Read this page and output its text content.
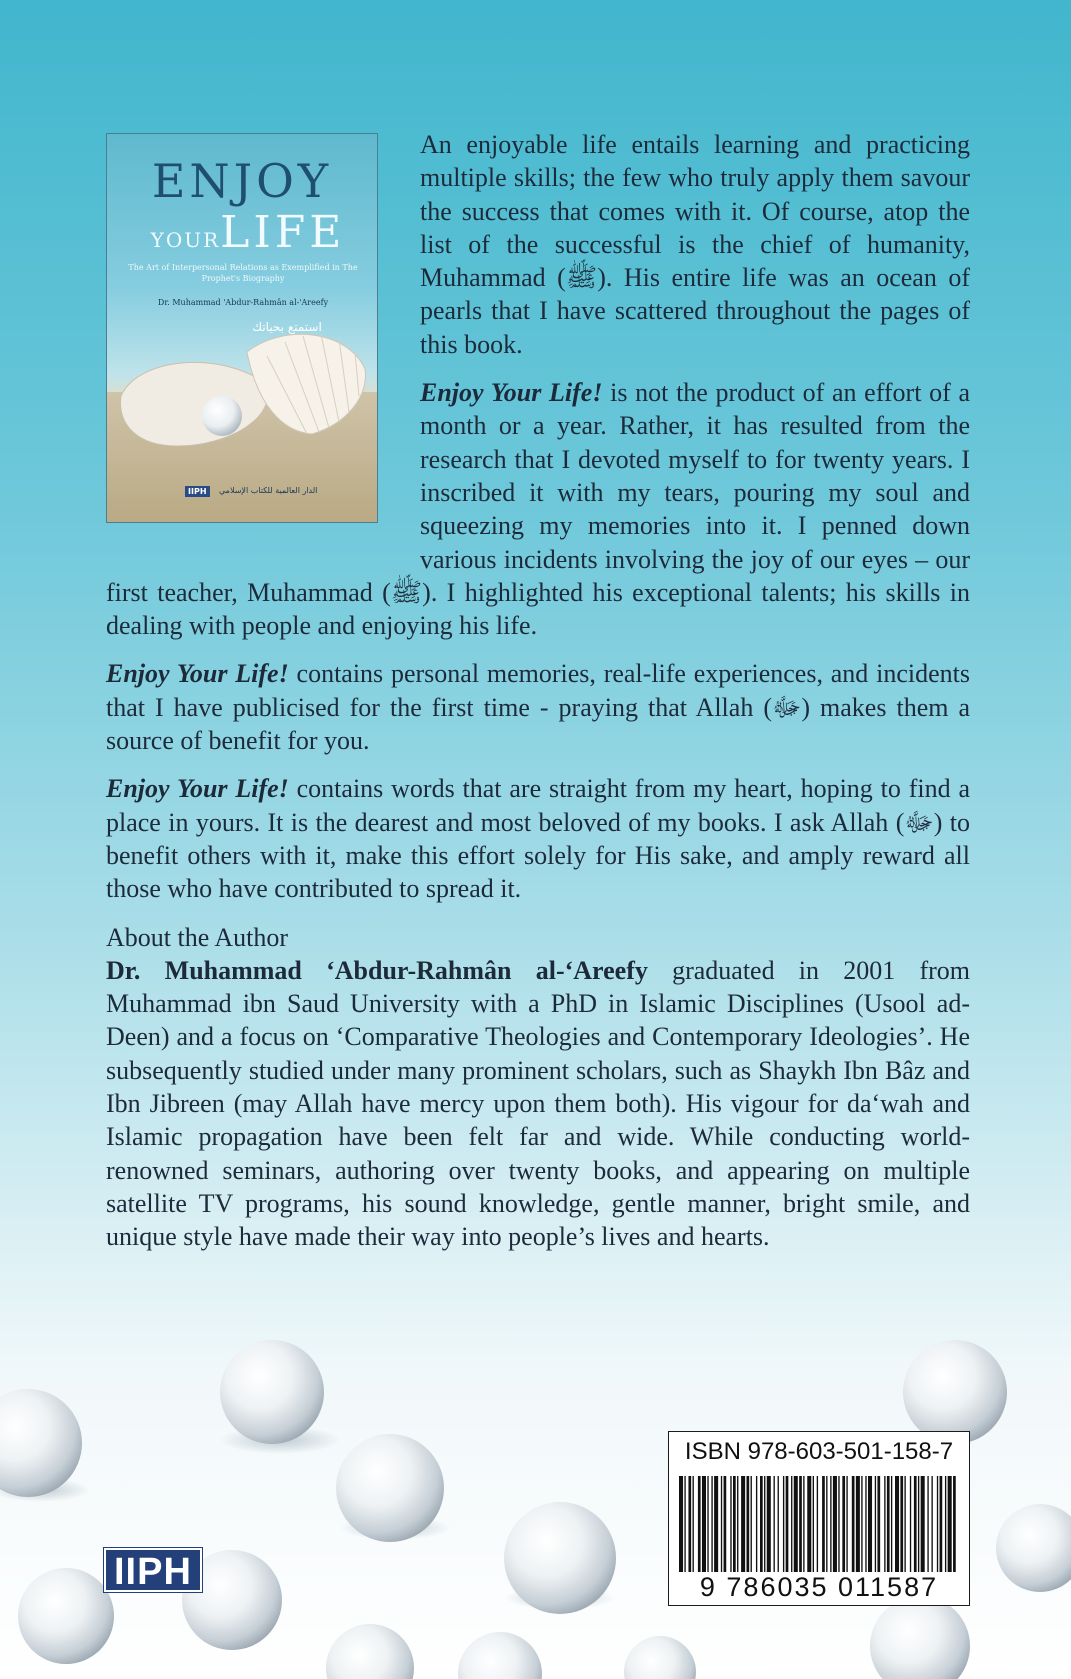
ENJOY
YOURLIFE
The Art of Interpersonal Relations as Exemplified in The Prophet's Biography
Dr. Muhammad 'Abdur-Rahmân al-'Areefy
استمتع بحياتك
IIPH	الدار العالمية للكتاب الإسلامي

An enjoyable life entails learning and practicing multiple skills; the few who truly apply them savour the success that comes with it. Of course, atop the list of the successful is the chief of humanity, Muhammad (ﷺ). His entire life was an ocean of pearls that I have scattered throughout the pages of this book.

Enjoy Your Life! is not the product of an effort of a month or a year. Rather, it has resulted from the research that I devoted myself to for twenty years. I inscribed it with my tears, pouring my soul and squeezing my memories into it. I penned down various incidents involving the joy of our eyes – our first teacher, Muhammad (ﷺ). I highlighted his exceptional talents; his skills in dealing with people and enjoying his life.

Enjoy Your Life! contains personal memories, real-life experiences, and incidents that I have publicised for the first time - praying that Allah (ﷻ) makes them a source of benefit for you.

Enjoy Your Life! contains words that are straight from my heart, hoping to find a place in yours. It is the dearest and most beloved of my books. I ask Allah (ﷻ) to benefit others with it, make this effort solely for His sake, and amply reward all those who have contributed to spread it.

About the Author

Dr. Muhammad ‘Abdur-Rahmân al-‘Areefy graduated in 2001 from Muhammad ibn Saud University with a PhD in Islamic Disciplines (Usool ad-Deen) and a focus on ‘Comparative Theologies and Contemporary Ideologies’. He subsequently studied under many prominent scholars, such as Shaykh Ibn Bâz and Ibn Jibreen (may Allah have mercy upon them both). His vigour for da‘wah and Islamic propagation have been felt far and wide. While conducting world-renowned seminars, authoring over twenty books, and appearing on multiple satellite TV programs, his sound knowledge, gentle manner, bright smile, and unique style have made their way into people’s lives and hearts.

ISBN 978-603-501-158-7
9 786035 011587
IIPH
